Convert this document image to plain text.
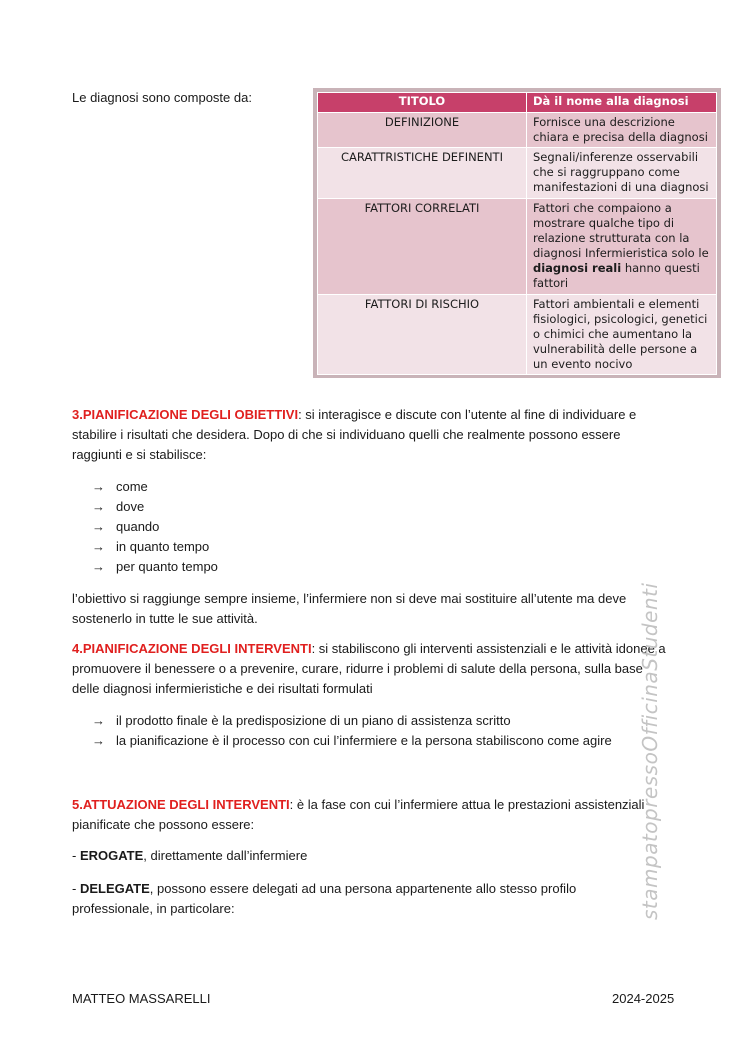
Le diagnosi sono composte da:	TITOLO	Dà il nome alla diagnosi
DEFINIZIONE	Fornisce una descrizione chiara e precisa della diagnosi
CARATTRISTICHE DEFINENTI	Segnali/inferenze osservabili che si raggruppano come manifestazioni di una diagnosi
FATTORI CORRELATI	Fattori che compaiono a mostrare qualche tipo di relazione strutturata con la diagnosi Infermieristica solo le diagnosi reali hanno questi fattori
FATTORI DI RISCHIO	Fattori ambientali e elementi fisiologici, psicologici, genetici o chimici che aumentano la vulnerabilità delle persone a un evento nocivo
3.PIANIFICAZIONE DEGLI OBIETTIVI: si interagisce e discute con l’utente al fine di individuare e stabilire i risultati che desidera. Dopo di che si individuano quelli che realmente possono essere raggiunti e si stabilisce:
→ come
→ dove
→ quando
→ in quanto tempo
→ per quanto tempo
l’obiettivo si raggiunge sempre insieme, l’infermiere non si deve mai sostituire all’utente ma deve sostenerlo in tutte le sue attività.
4.PIANIFICAZIONE DEGLI INTERVENTI: si stabiliscono gli interventi assistenziali e le attività idonee a promuovere il benessere o a prevenire, curare, ridurre i problemi di salute della persona, sulla base delle diagnosi infermieristiche e dei risultati formulati
→ il prodotto finale è la predisposizione di un piano di assistenza scritto
→ la pianificazione è il processo con cui l’infermiere e la persona stabiliscono come agire
5.ATTUAZIONE DEGLI INTERVENTI: è la fase con cui l’infermiere attua le prestazioni assistenziali pianificate che possono essere:
- EROGATE, direttamente dall’infermiere
- DELEGATE, possono essere delegati ad una persona appartenente allo stesso profilo professionale, in particolare:	stampatopressoOfficinaStudenti
MATTEO MASSARELLI	2024-2025
